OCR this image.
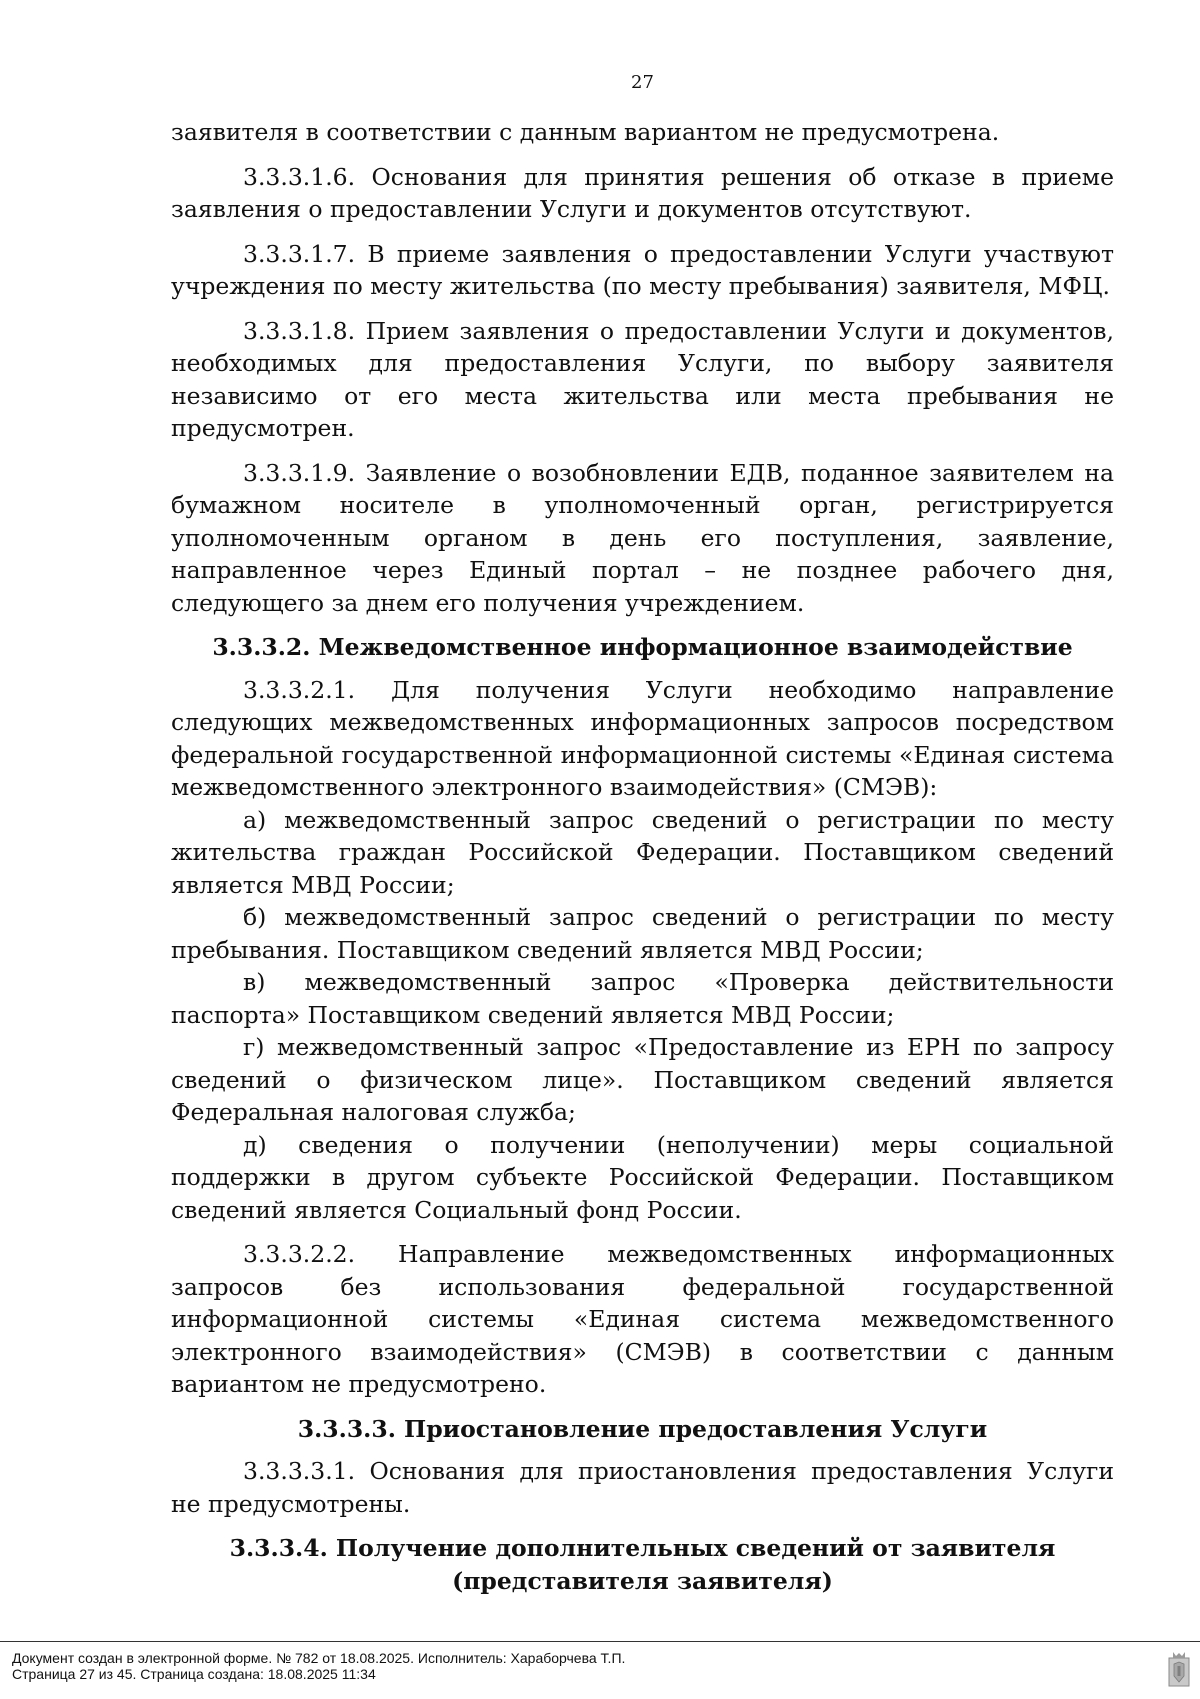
27

заявителя в соответствии с данным вариантом не предусмотрена.

3.3.3.1.6. Основания для принятия решения об отказе в приеме заявления о предоставлении Услуги и документов отсутствуют.

3.3.3.1.7. В приеме заявления о предоставлении Услуги участвуют учреждения по месту жительства (по месту пребывания) заявителя, МФЦ.

3.3.3.1.8. Прием заявления о предоставлении Услуги и документов, необходимых для предоставления Услуги, по выбору заявителя независимо от его места жительства или места пребывания не предусмотрен.

3.3.3.1.9. Заявление о возобновлении ЕДВ, поданное заявителем на бумажном носителе в уполномоченный орган, регистрируется уполномоченным органом в день его поступления, заявление, направленное через Единый портал – не позднее рабочего дня, следующего за днем его получения учреждением.

3.3.3.2. Межведомственное информационное взаимодействие

3.3.3.2.1. Для получения Услуги необходимо направление следующих межведомственных информационных запросов посредством федеральной государственной информационной системы «Единая система межведомственного электронного взаимодействия» (СМЭВ):

а) межведомственный запрос сведений о регистрации по месту жительства граждан Российской Федерации. Поставщиком сведений является МВД России;

б) межведомственный запрос сведений о регистрации по месту пребывания. Поставщиком сведений является МВД России;

в) межведомственный запрос «Проверка действительности паспорта» Поставщиком сведений является МВД России;

г) межведомственный запрос «Предоставление из ЕРН по запросу сведений о физическом лице». Поставщиком сведений является Федеральная налоговая служба;

д) сведения о получении (неполучении) меры социальной поддержки в другом субъекте Российской Федерации. Поставщиком сведений является Социальный фонд России.

3.3.3.2.2. Направление межведомственных информационных запросов без использования федеральной государственной информационной системы «Единая система межведомственного электронного взаимодействия» (СМЭВ) в соответствии с данным вариантом не предусмотрено.

3.3.3.3. Приостановление предоставления Услуги

3.3.3.3.1. Основания для приостановления предоставления Услуги не предусмотрены.

3.3.3.4. Получение дополнительных сведений от заявителя
(представителя заявителя)
Документ создан в электронной форме. № 782 от 18.08.2025. Исполнитель: Хараборчева Т.П.
Страница 27 из 45. Страница создана: 18.08.2025 11:34
